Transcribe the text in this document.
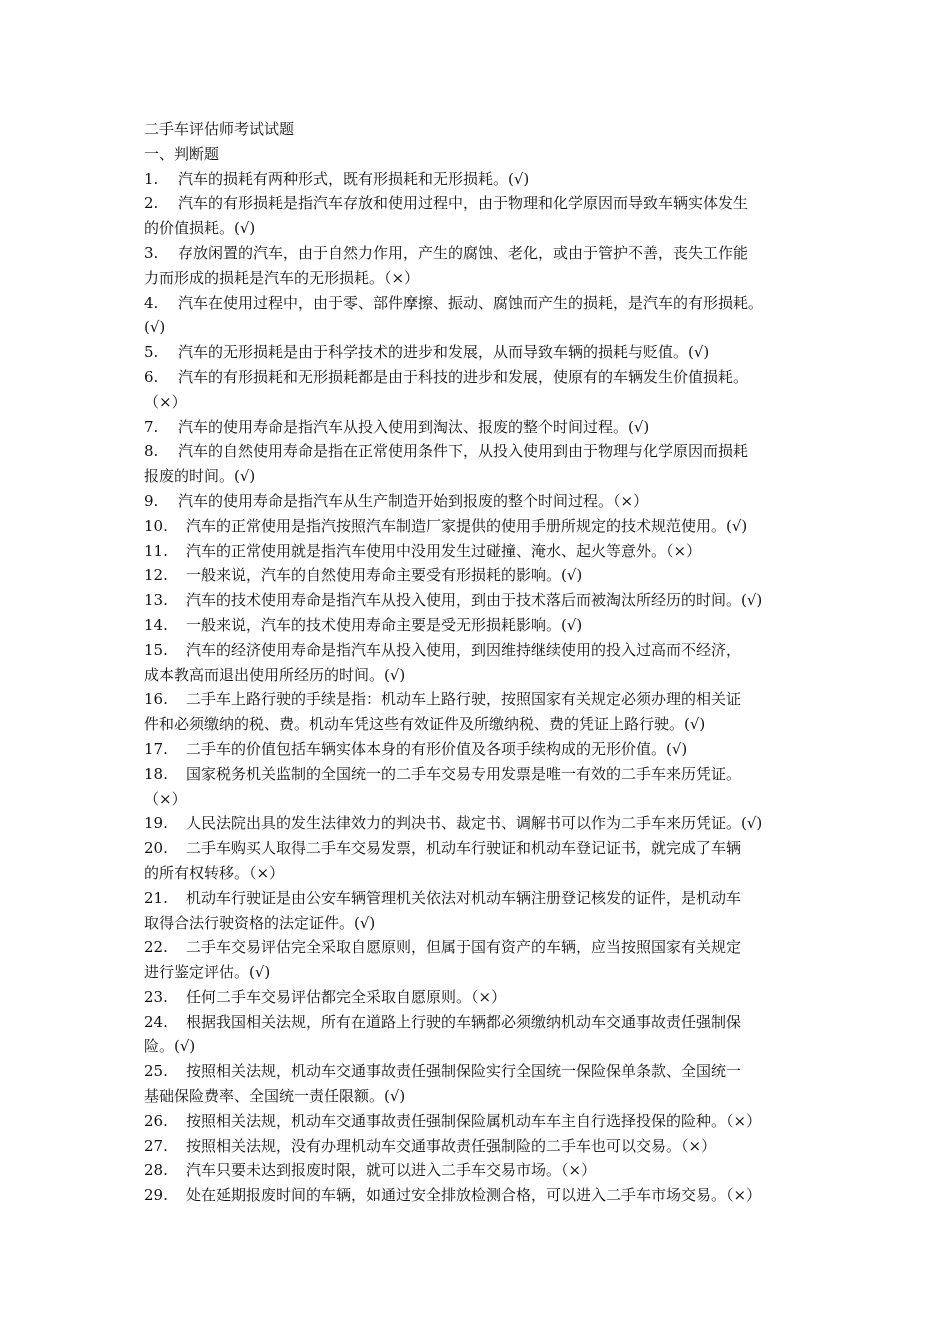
二手车评估师考试试题
一、判断题
1. 汽车的损耗有两种形式，既有形损耗和无形损耗。(√)
2. 汽车的有形损耗是指汽车存放和使用过程中，由于物理和化学原因而导致车辆实体发生
的价值损耗。(√)
3. 存放闲置的汽车，由于自然力作用，产生的腐蚀、老化，或由于管护不善，丧失工作能
力而形成的损耗是汽车的无形损耗。（×）
4. 汽车在使用过程中，由于零、部件摩擦、振动、腐蚀而产生的损耗，是汽车的有形损耗。
(√)
5. 汽车的无形损耗是由于科学技术的进步和发展，从而导致车辆的损耗与贬值。(√)
6. 汽车的有形损耗和无形损耗都是由于科技的进步和发展，使原有的车辆发生价值损耗。
（×）
7. 汽车的使用寿命是指汽车从投入使用到淘汰、报废的整个时间过程。(√)
8. 汽车的自然使用寿命是指在正常使用条件下，从投入使用到由于物理与化学原因而损耗
报废的时间。(√)
9. 汽车的使用寿命是指汽车从生产制造开始到报废的整个时间过程。（×）
10. 汽车的正常使用是指汽按照汽车制造厂家提供的使用手册所规定的技术规范使用。(√)
11. 汽车的正常使用就是指汽车使用中没用发生过碰撞、淹水、起火等意外。（×）
12. 一般来说，汽车的自然使用寿命主要受有形损耗的影响。(√)
13. 汽车的技术使用寿命是指汽车从投入使用，到由于技术落后而被淘汰所经历的时间。(√)
14. 一般来说，汽车的技术使用寿命主要是受无形损耗影响。(√)
15. 汽车的经济使用寿命是指汽车从投入使用，到因维持继续使用的投入过高而不经济，
成本教高而退出使用所经历的时间。(√)
16. 二手车上路行驶的手续是指：机动车上路行驶，按照国家有关规定必须办理的相关证
件和必须缴纳的税、费。机动车凭这些有效证件及所缴纳税、费的凭证上路行驶。(√)
17. 二手车的价值包括车辆实体本身的有形价值及各项手续构成的无形价值。(√)
18. 国家税务机关监制的全国统一的二手车交易专用发票是唯一有效的二手车来历凭证。
（×）
19. 人民法院出具的发生法律效力的判决书、裁定书、调解书可以作为二手车来历凭证。(√)
20. 二手车购买人取得二手车交易发票，机动车行驶证和机动车登记证书，就完成了车辆
的所有权转移。（×）
21. 机动车行驶证是由公安车辆管理机关依法对机动车辆注册登记核发的证件，是机动车
取得合法行驶资格的法定证件。(√)
22. 二手车交易评估完全采取自愿原则，但属于国有资产的车辆，应当按照国家有关规定
进行鉴定评估。(√)
23. 任何二手车交易评估都完全采取自愿原则。（×）
24. 根据我国相关法规，所有在道路上行驶的车辆都必须缴纳机动车交通事故责任强制保
险。(√)
25. 按照相关法规，机动车交通事故责任强制保险实行全国统一保险保单条款、全国统一
基础保险费率、全国统一责任限额。(√)
26. 按照相关法规，机动车交通事故责任强制保险属机动车车主自行选择投保的险种。（×）
27. 按照相关法规，没有办理机动车交通事故责任强制险的二手车也可以交易。（×）
28. 汽车只要未达到报废时限，就可以进入二手车交易市场。（×）
29. 处在延期报废时间的车辆，如通过安全排放检测合格，可以进入二手车市场交易。（×）
